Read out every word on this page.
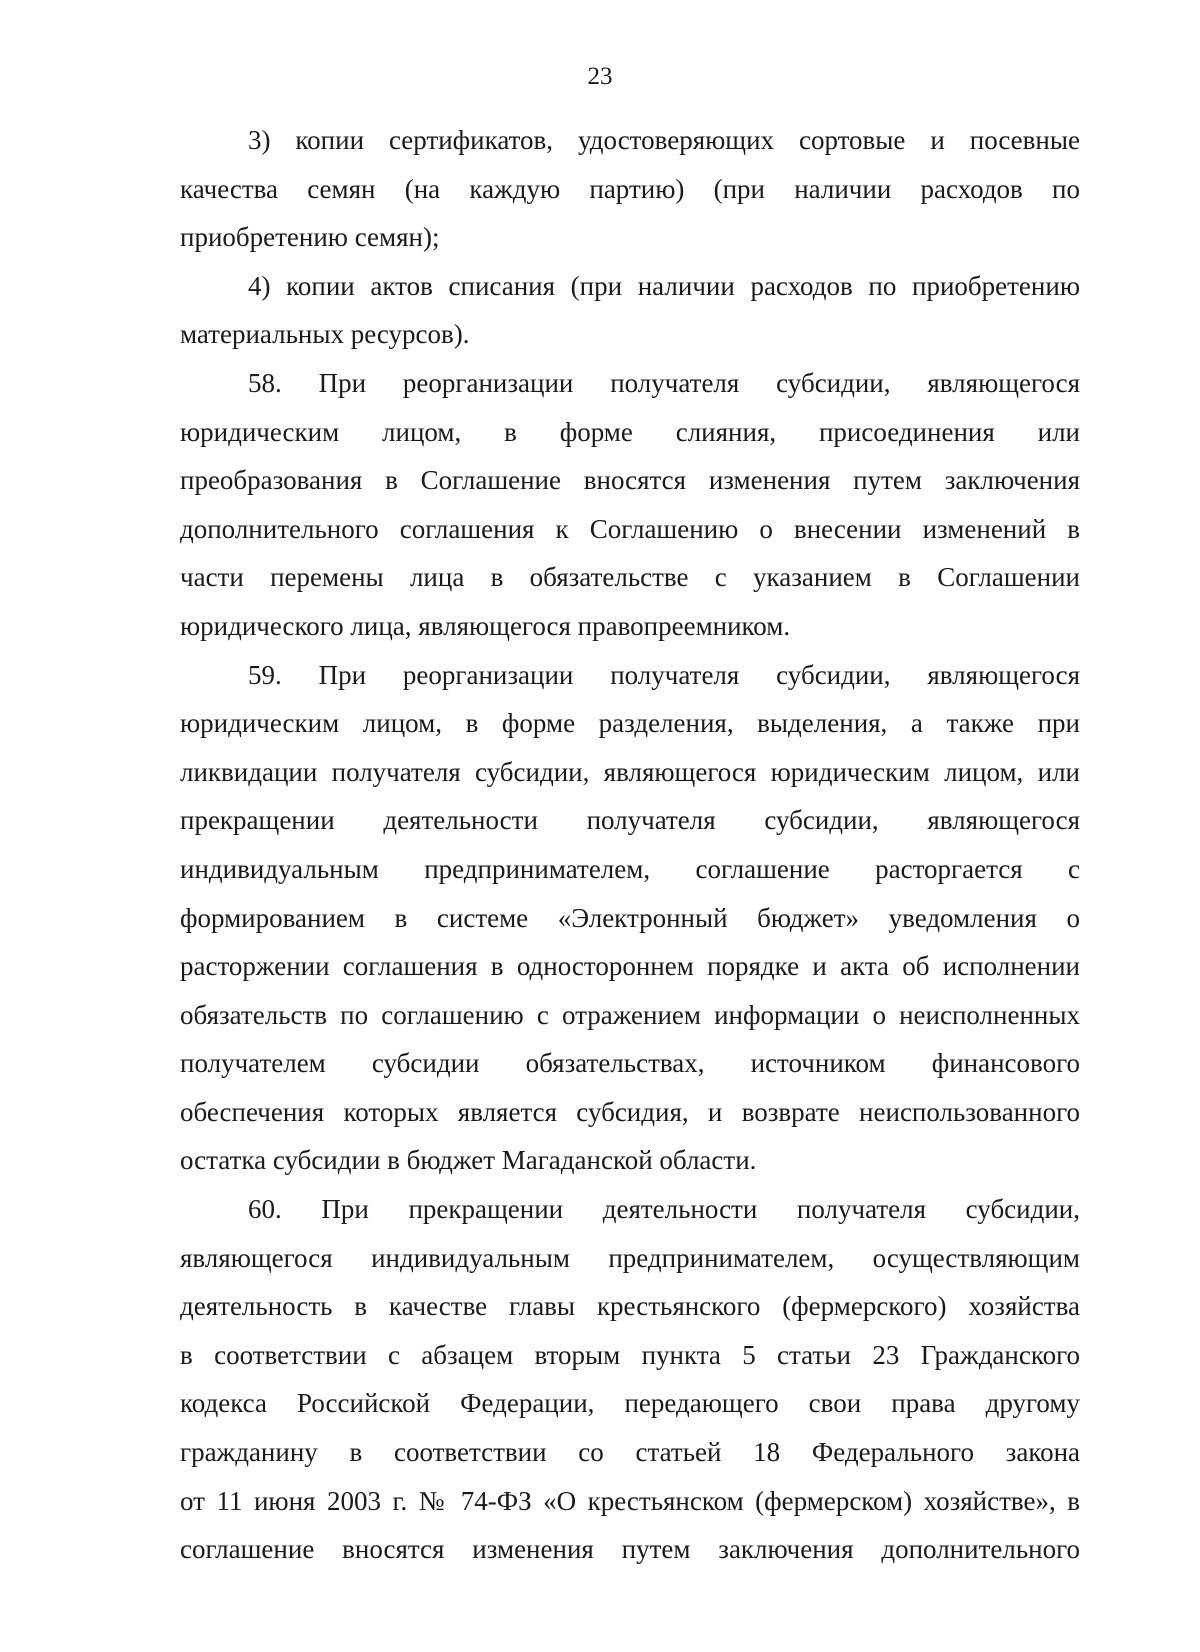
23

3) копии сертификатов, удостоверяющих сортовые и посевные
качества семян (на каждую партию) (при наличии расходов по
приобретению семян);

4) копии актов списания (при наличии расходов по приобретению
материальных ресурсов).

58. При реорганизации получателя субсидии, являющегося
юридическим лицом, в форме слияния, присоединения или
преобразования в Соглашение вносятся изменения путем заключения
дополнительного соглашения к Соглашению о внесении изменений в
части перемены лица в обязательстве с указанием в Соглашении
юридического лица, являющегося правопреемником.

59. При реорганизации получателя субсидии, являющегося
юридическим лицом, в форме разделения, выделения, а также при
ликвидации получателя субсидии, являющегося юридическим лицом, или
прекращении деятельности получателя субсидии, являющегося
индивидуальным предпринимателем, соглашение расторгается с
формированием в системе «Электронный бюджет» уведомления о
расторжении соглашения в одностороннем порядке и акта об исполнении
обязательств по соглашению с отражением информации о неисполненных
получателем субсидии обязательствах, источником финансового
обеспечения которых является субсидия, и возврате неиспользованного
остатка субсидии в бюджет Магаданской области.

60. При прекращении деятельности получателя субсидии,
являющегося индивидуальным предпринимателем, осуществляющим
деятельность в качестве главы крестьянского (фермерского) хозяйства
в соответствии с абзацем вторым пункта 5 статьи 23 Гражданского
кодекса Российской Федерации, передающего свои права другому
гражданину в соответствии со статьей 18 Федерального закона
от 11 июня 2003 г. № 74-ФЗ «О крестьянском (фермерском) хозяйстве», в
соглашение вносятся изменения путем заключения дополнительного
